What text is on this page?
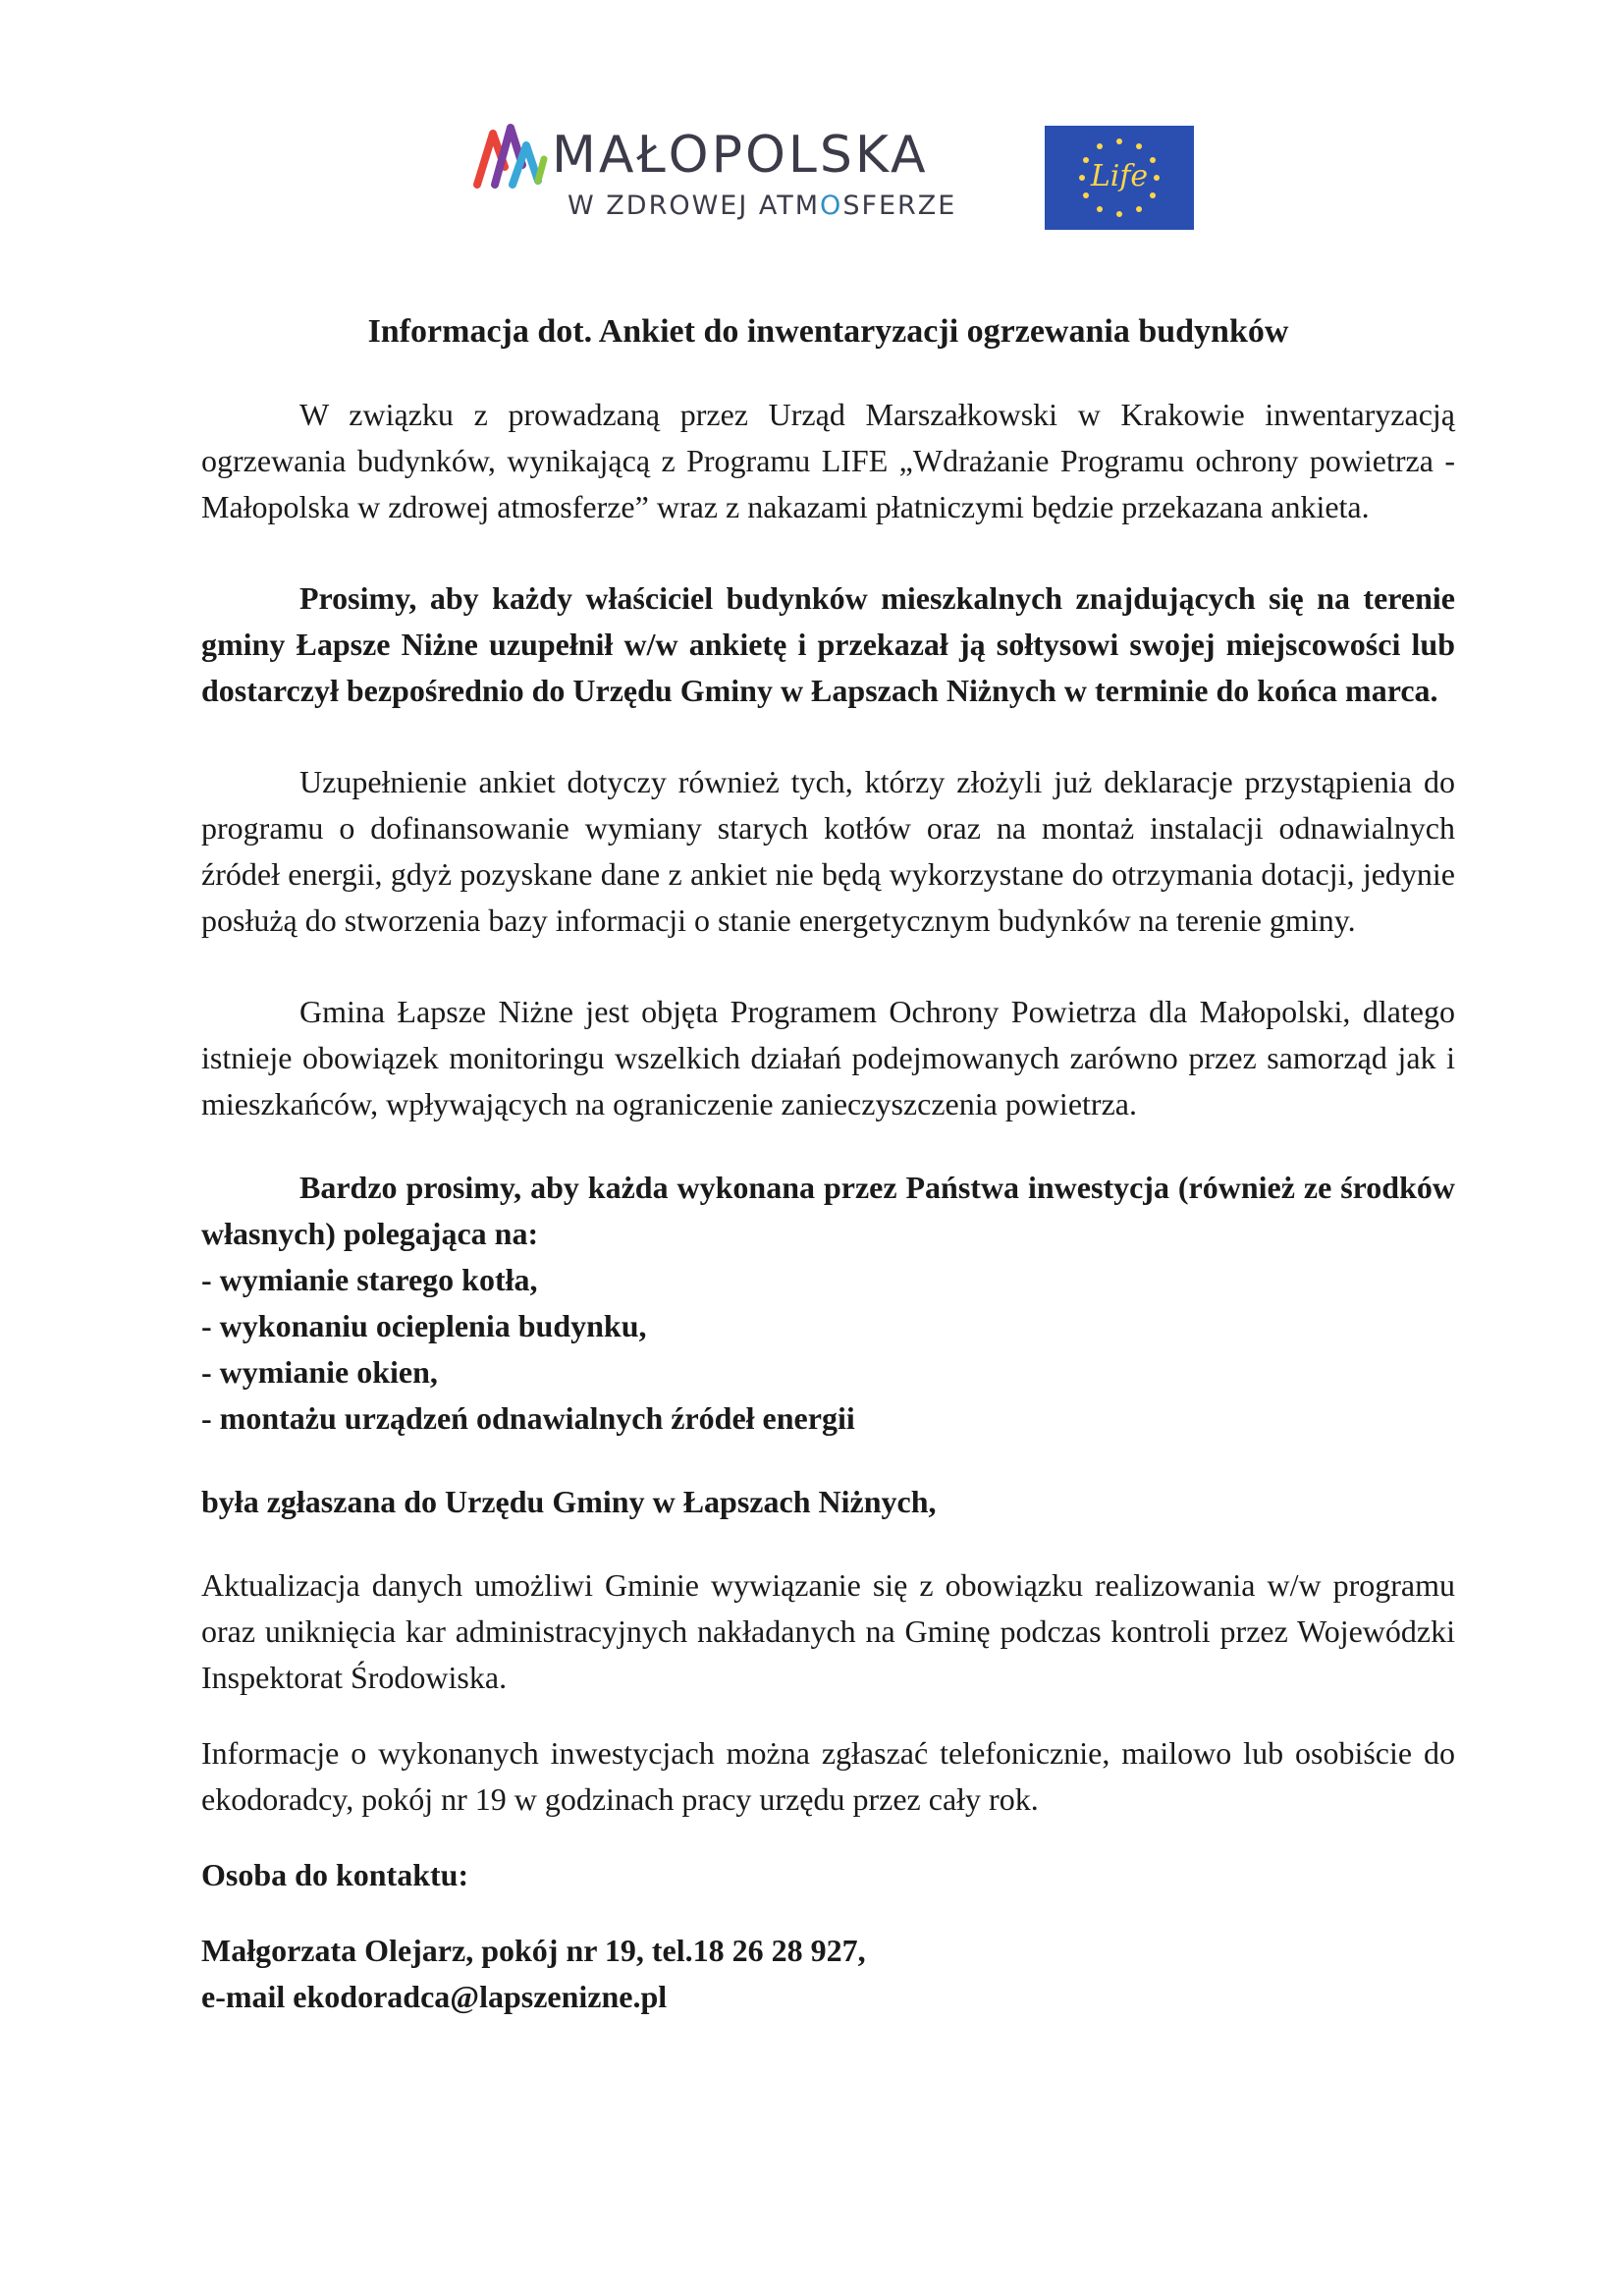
MAŁOPOLSKA
W ZDROWEJ ATMOSFERZE
Life
Informacja dot. Ankiet do inwentaryzacji ogrzewania budynków

W związku z prowadzaną przez Urząd Marszałkowski w Krakowie inwentaryzacją ogrzewania budynków, wynikającą z Programu LIFE „Wdrażanie Programu ochrony powietrza - Małopolska w zdrowej atmosferze” wraz z nakazami płatniczymi będzie przekazana ankieta.

Prosimy, aby każdy właściciel budynków mieszkalnych znajdujących się na terenie gminy Łapsze Niżne uzupełnił w/w ankietę i przekazał ją sołtysowi swojej miejscowości lub dostarczył bezpośrednio do Urzędu Gminy w Łapszach Niżnych w terminie do końca marca.

Uzupełnienie ankiet dotyczy również tych, którzy złożyli już deklaracje przystąpienia do programu o dofinansowanie wymiany starych kotłów oraz na montaż instalacji odnawialnych źródeł energii, gdyż pozyskane dane z ankiet nie będą wykorzystane do otrzymania dotacji, jedynie posłużą do stworzenia bazy informacji o stanie energetycznym budynków na terenie gminy.

Gmina Łapsze Niżne jest objęta Programem Ochrony Powietrza dla Małopolski, dlatego istnieje obowiązek monitoringu wszelkich działań podejmowanych zarówno przez samorząd jak i mieszkańców, wpływających na ograniczenie zanieczyszczenia powietrza.

Bardzo prosimy, aby każda wykonana przez Państwa inwestycja (również ze środków własnych) polegająca na:

- wymianie starego kotła,
- wykonaniu ocieplenia budynku,
- wymianie okien,
- montażu urządzeń odnawialnych źródeł energii

była zgłaszana do Urzędu Gminy w Łapszach Niżnych,

Aktualizacja danych umożliwi Gminie wywiązanie się z obowiązku realizowania w/w programu oraz uniknięcia kar administracyjnych nakładanych na Gminę podczas kontroli przez Wojewódzki Inspektorat Środowiska.

Informacje o wykonanych inwestycjach można zgłaszać telefonicznie, mailowo lub osobiście do ekodoradcy, pokój nr 19 w godzinach pracy urzędu przez cały rok.

Osoba do kontaktu:

Małgorzata Olejarz, pokój nr 19, tel.18 26 28 927,

e-mail ekodoradca@lapszenizne.pl
